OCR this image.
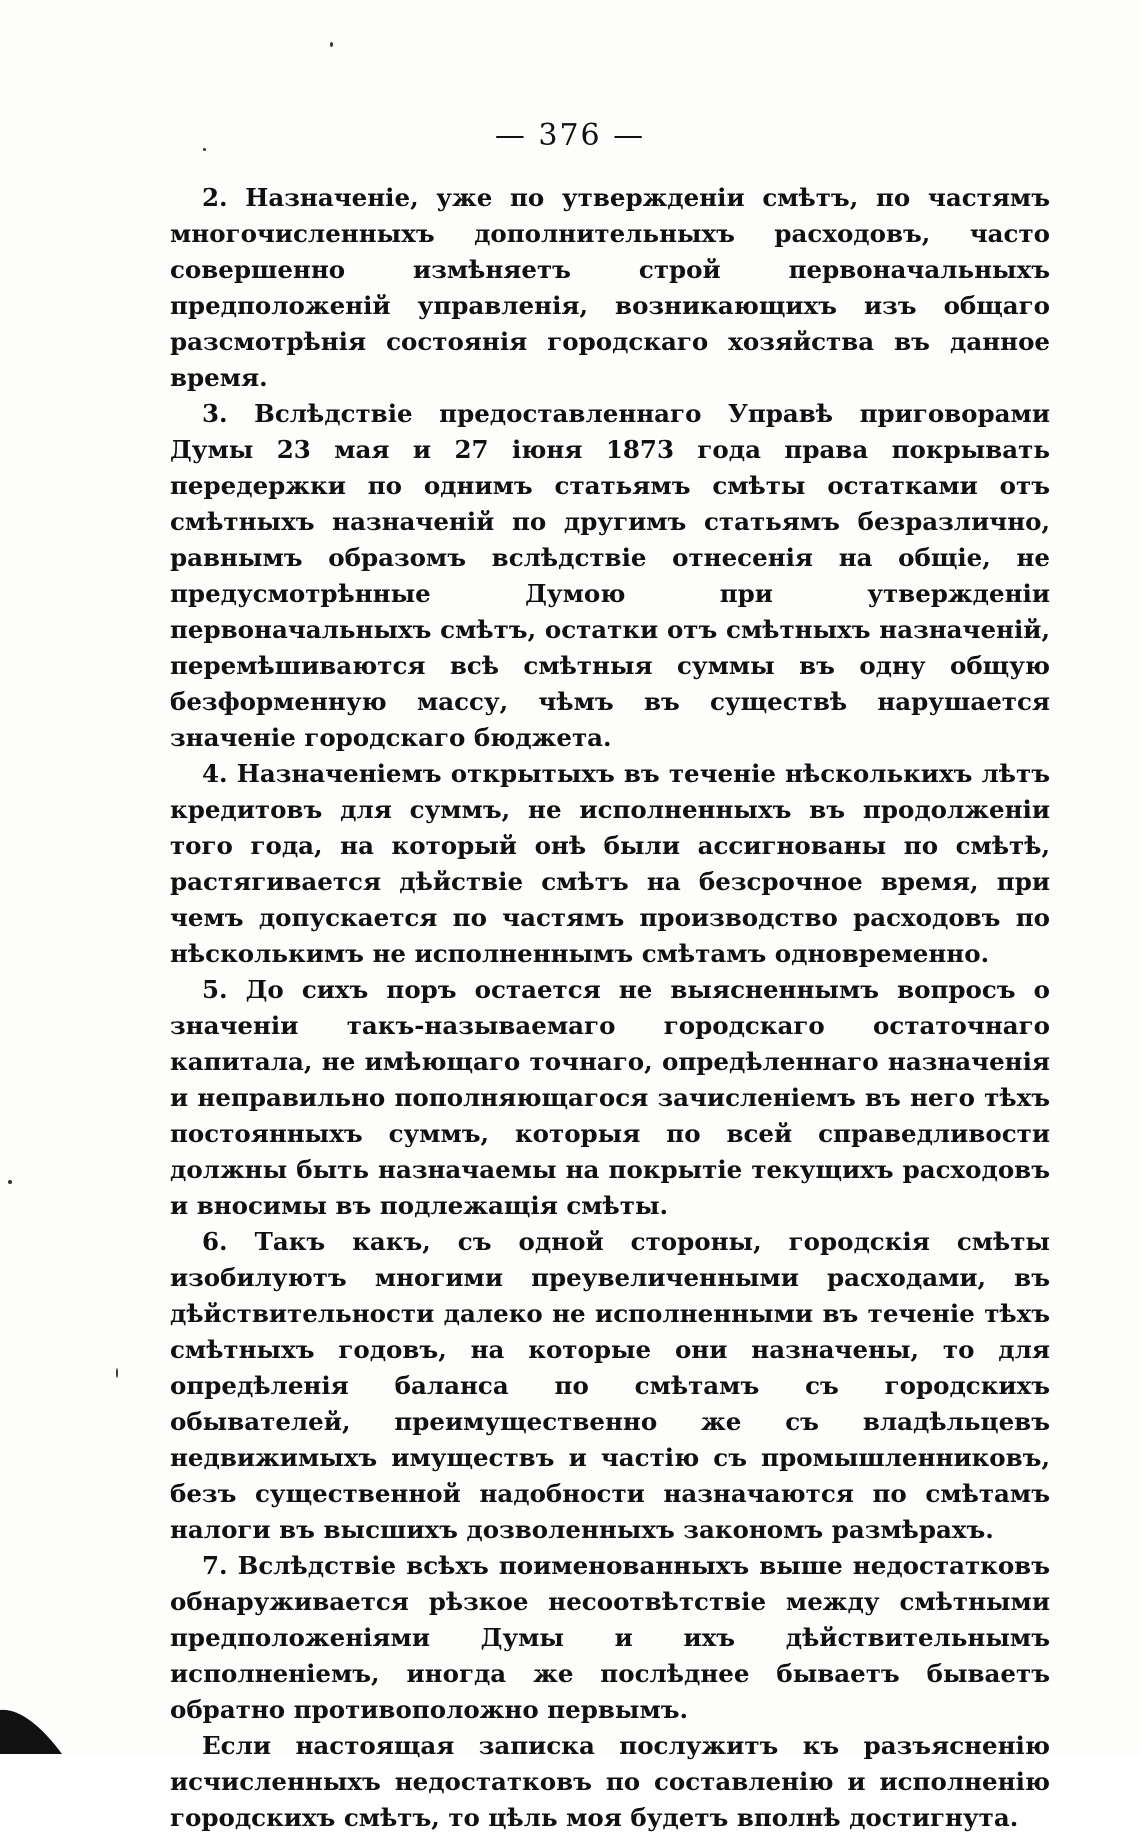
— 376 —

2. Назначеніе, уже по утвержденіи смѣтъ, по частямъ многочисленныхъ дополнительныхъ расходовъ, часто совершенно измѣняетъ строй первоначальныхъ предположеній управленія, возникающихъ изъ общаго разсмотрѣнія состоянія городскаго хозяйства въ данное время.

3. Вслѣдствіе предоставленнаго Управѣ приговорами Думы 23 мая и 27 іюня 1873 года права покрывать передержки по однимъ статьямъ смѣты остатками отъ смѣтныхъ назначеній по другимъ статьямъ безразлично, равнымъ образомъ вслѣдствіе отнесенія на общіе, не предусмотрѣнные Думою при утвержденіи первоначальныхъ смѣтъ, остатки отъ смѣтныхъ назначеній, перемѣшиваются всѣ смѣтныя суммы въ одну общую безформенную массу, чѣмъ въ существѣ нарушается значеніе городскаго бюджета.

4. Назначеніемъ открытыхъ въ теченіе нѣсколькихъ лѣтъ кредитовъ для суммъ, не исполненныхъ въ продолженіи того года, на который онѣ были ассигнованы по смѣтѣ, растягивается дѣйствіе смѣтъ на безсрочное время, при чемъ допускается по частямъ производство расходовъ по нѣсколькимъ не исполненнымъ смѣтамъ одновременно.

5. До сихъ поръ остается не выясненнымъ вопросъ о значеніи такъ-называемаго городскаго остаточнаго капитала, не имѣющаго точнаго, опредѣленнаго назначенія и неправильно пополняющагося зачисленіемъ въ него тѣхъ постоянныхъ суммъ, которыя по всей справедливости должны быть назначаемы на покрытіе текущихъ расходовъ и вносимы въ подлежащія смѣты.

6. Такъ какъ, съ одной стороны, городскія смѣты изобилуютъ многими преувеличенными расходами, въ дѣйствительности далеко не исполненными въ теченіе тѣхъ смѣтныхъ годовъ, на которые они назначены, то для опредѣленія баланса по смѣтамъ съ городскихъ обывателей, преимущественно же съ владѣльцевъ недвижимыхъ имуществъ и частію съ промышленниковъ, безъ существенной надобности назначаются по смѣтамъ налоги въ высшихъ дозволенныхъ закономъ размѣрахъ.

7. Вслѣдствіе всѣхъ поименованныхъ выше недостатковъ обнаруживается рѣзкое несоотвѣтствіе между смѣтными предположеніями Думы и ихъ дѣйствительнымъ исполненіемъ, иногда же послѣднее бываетъ бываетъ обратно противоположно первымъ.

Если настоящая записка послужитъ къ разъясненію исчисленныхъ недостатковъ по составленію и исполненію городскихъ смѣтъ, то цѣль моя будетъ вполнѣ достигнута.
